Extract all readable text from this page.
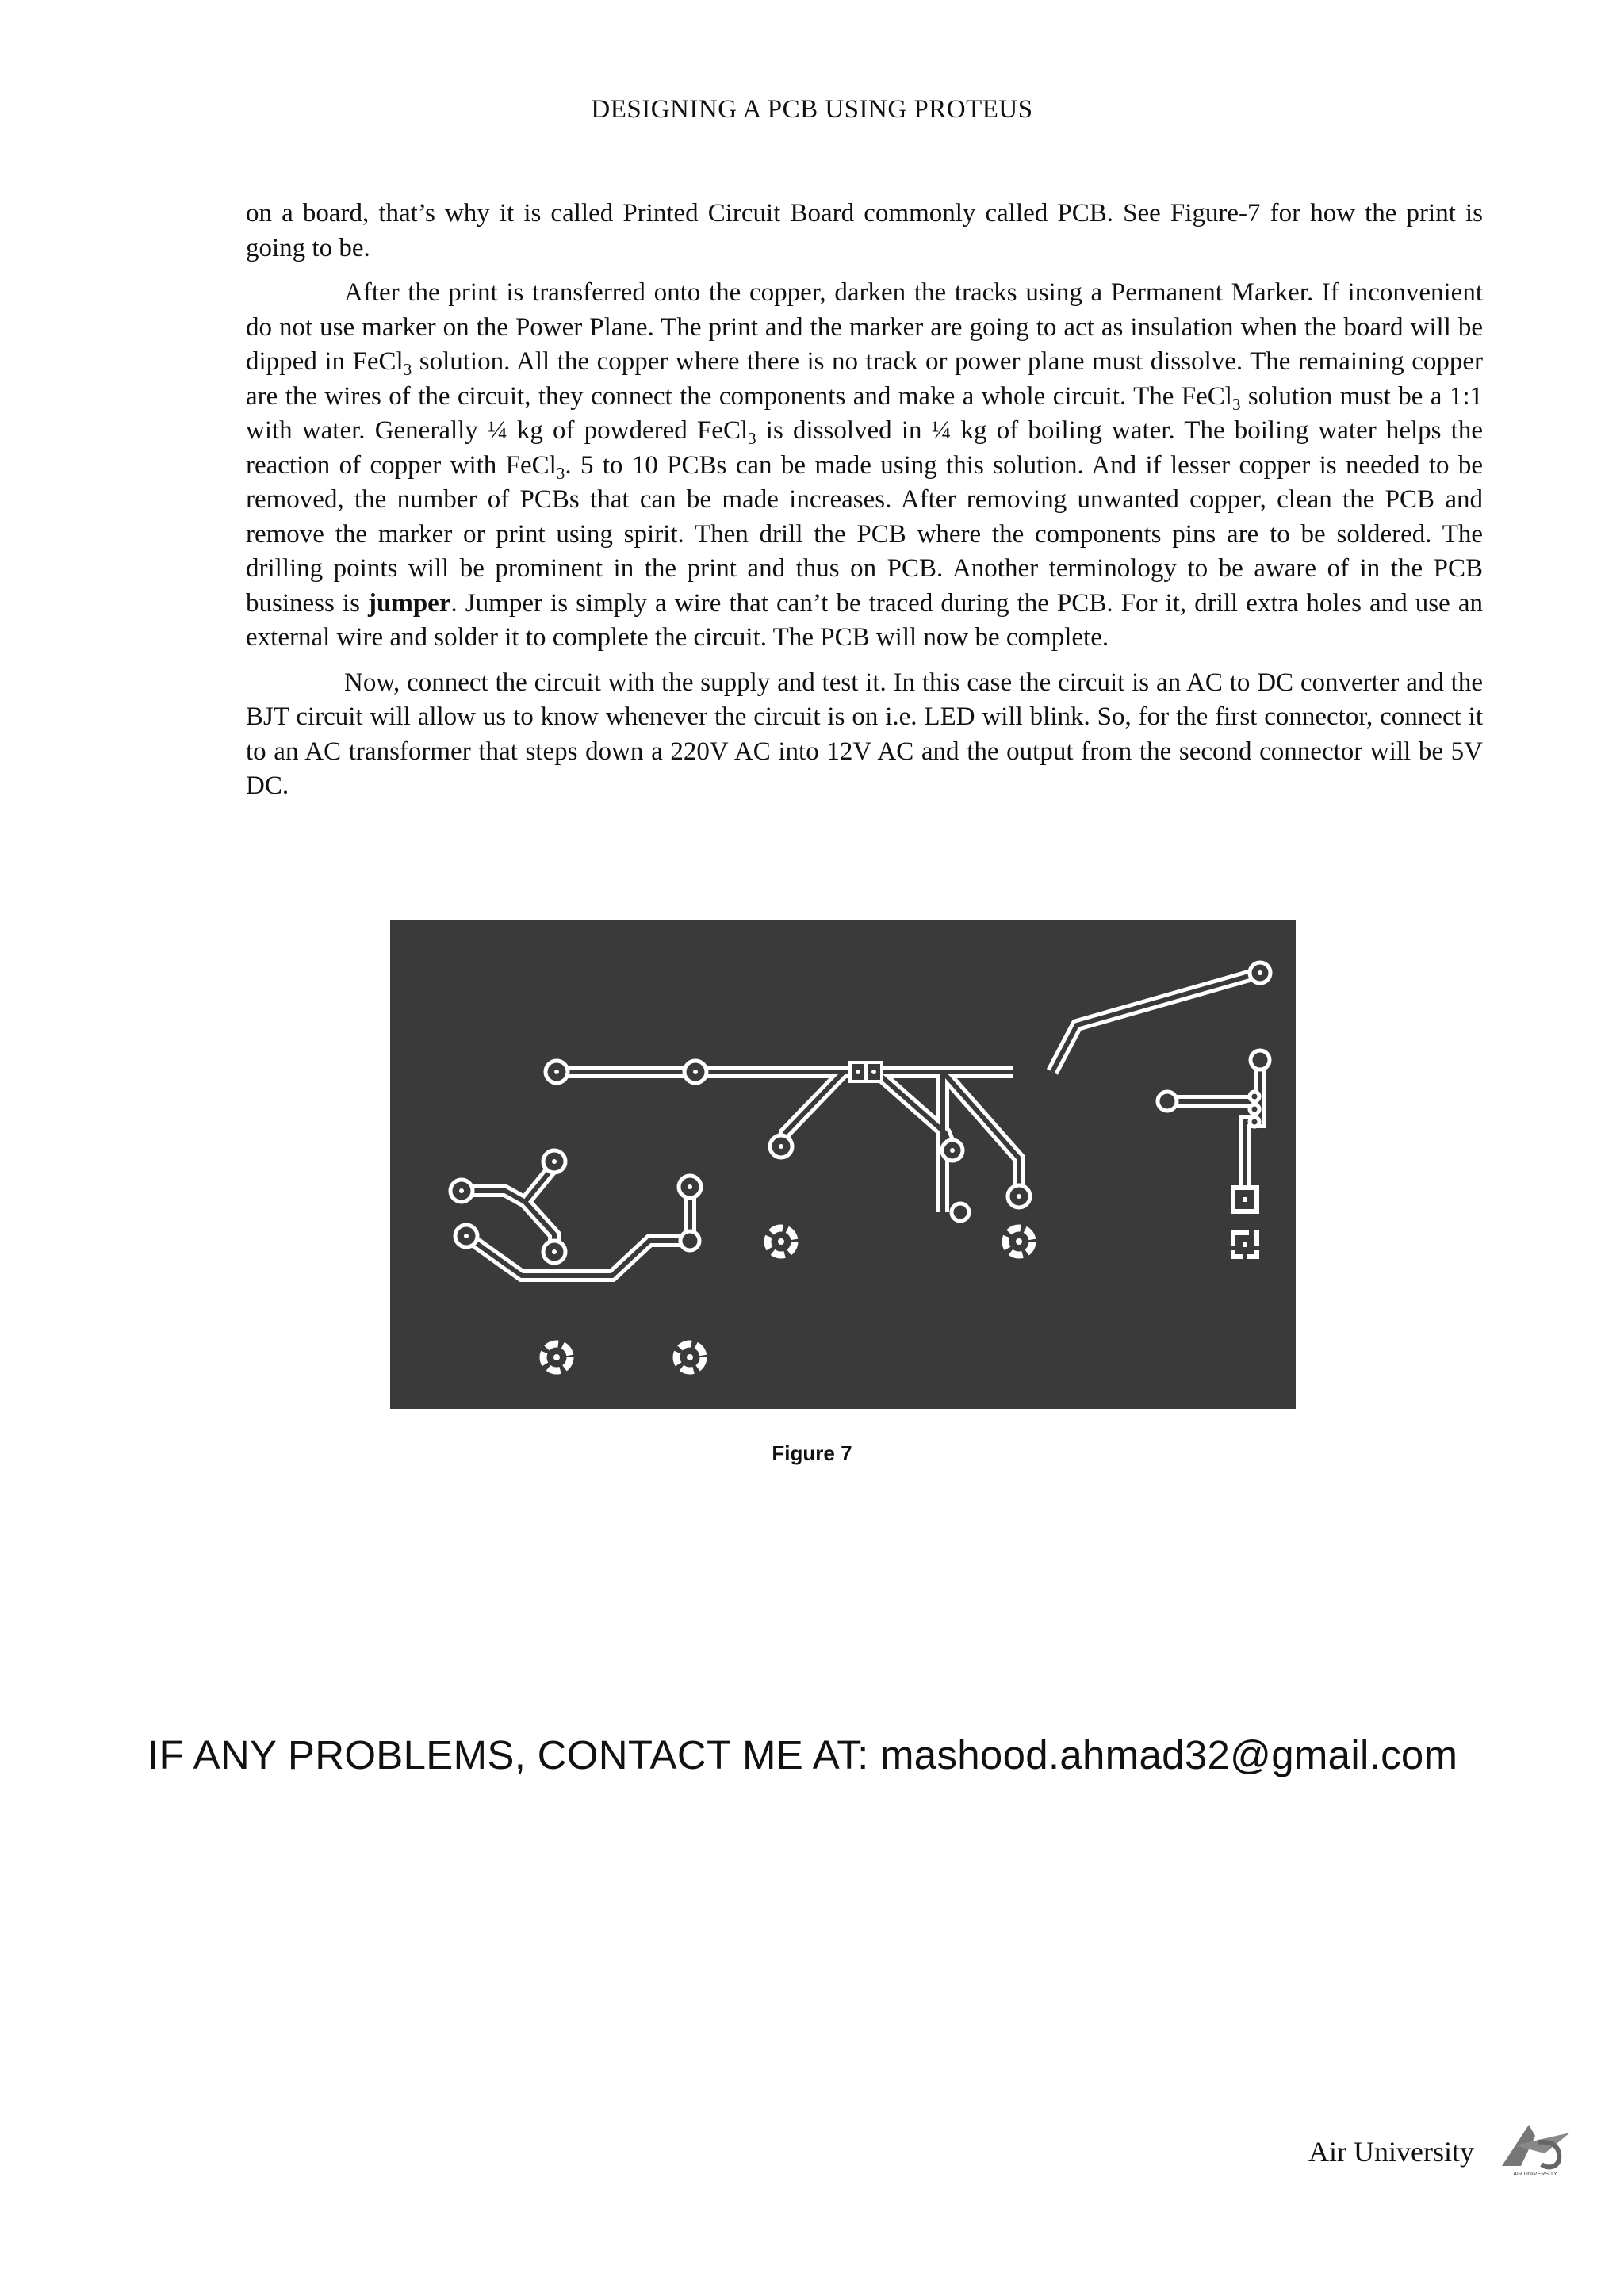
DESIGNING A PCB USING PROTEUS

on a board, that’s why it is called Printed Circuit Board commonly called PCB. See Figure-7 for how the print is going to be.

After the print is transferred onto the copper, darken the tracks using a Permanent Marker. If inconvenient do not use marker on the Power Plane. The print and the marker are going to act as insulation when the board will be dipped in FeCl$_3$ solution. All the copper where there is no track or power plane must dissolve. The remaining copper are the wires of the circuit, they connect the components and make a whole circuit. The FeCl$_3$ solution must be a 1:1 with water. Generally ¼ kg of powdered FeCl$_3$ is dissolved in ¼ kg of boiling water. The boiling water helps the reaction of copper with FeCl$_3$. 5 to 10 PCBs can be made using this solution. And if lesser copper is needed to be removed, the number of PCBs that can be made increases. After removing unwanted copper, clean the PCB and remove the marker or print using spirit. Then drill the PCB where the components pins are to be soldered. The drilling points will be prominent in the print and thus on PCB. Another terminology to be aware of in the PCB business is jumper. Jumper is simply a wire that can’t be traced during the PCB. For it, drill extra holes and use an external wire and solder it to complete the circuit. The PCB will now be complete.

Now, connect the circuit with the supply and test it. In this case the circuit is an AC to DC converter and the BJT circuit will allow us to know whenever the circuit is on i.e. LED will blink. So, for the first connector, connect it to an AC transformer that steps down a 220V AC into 12V AC and the output from the second connector will be 5V DC.

Figure 7
IF ANY PROBLEMS, CONTACT ME AT: mashood.ahmad32@gmail.com
Air University
AIR UNIVERSITY
